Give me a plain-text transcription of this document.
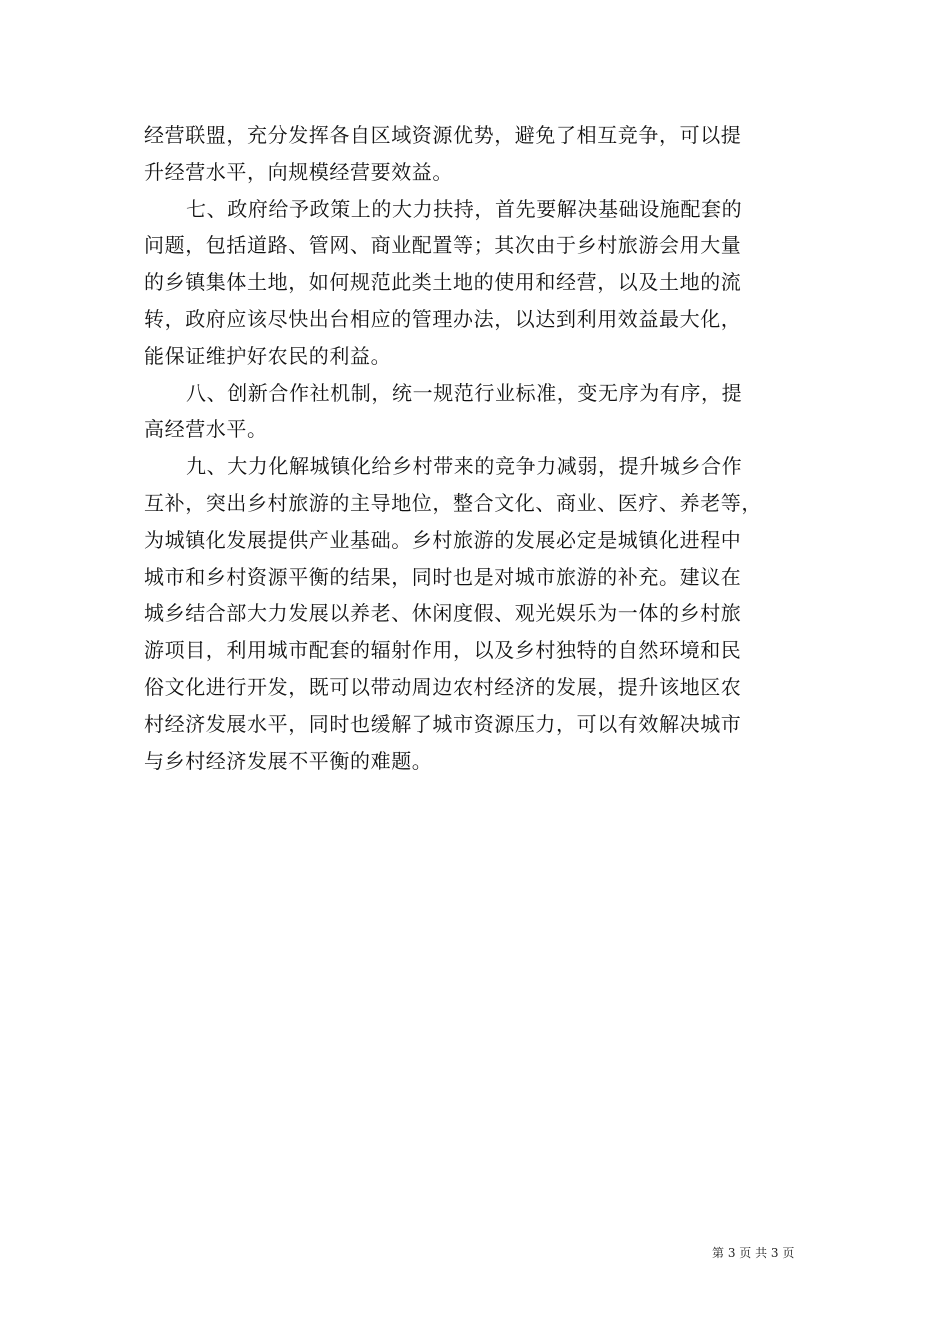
经营联盟，充分发挥各自区域资源优势，避免了相互竞争，可以提
升经营水平，向规模经营要效益。
七、政府给予政策上的大力扶持，首先要解决基础设施配套的
问题，包括道路、管网、商业配置等；其次由于乡村旅游会用大量
的乡镇集体土地，如何规范此类土地的使用和经营，以及土地的流
转，政府应该尽快出台相应的管理办法，以达到利用效益最大化，
能保证维护好农民的利益。
八、创新合作社机制，统一规范行业标准，变无序为有序，提
高经营水平。
九、大力化解城镇化给乡村带来的竞争力减弱，提升城乡合作
互补，突出乡村旅游的主导地位，整合文化、商业、医疗、养老等，
为城镇化发展提供产业基础。乡村旅游的发展必定是城镇化进程中
城市和乡村资源平衡的结果，同时也是对城市旅游的补充。建议在
城乡结合部大力发展以养老、休闲度假、观光娱乐为一体的乡村旅
游项目，利用城市配套的辐射作用，以及乡村独特的自然环境和民
俗文化进行开发，既可以带动周边农村经济的发展，提升该地区农
村经济发展水平，同时也缓解了城市资源压力，可以有效解决城市
与乡村经济发展不平衡的难题。
第 3 页 共 3 页
